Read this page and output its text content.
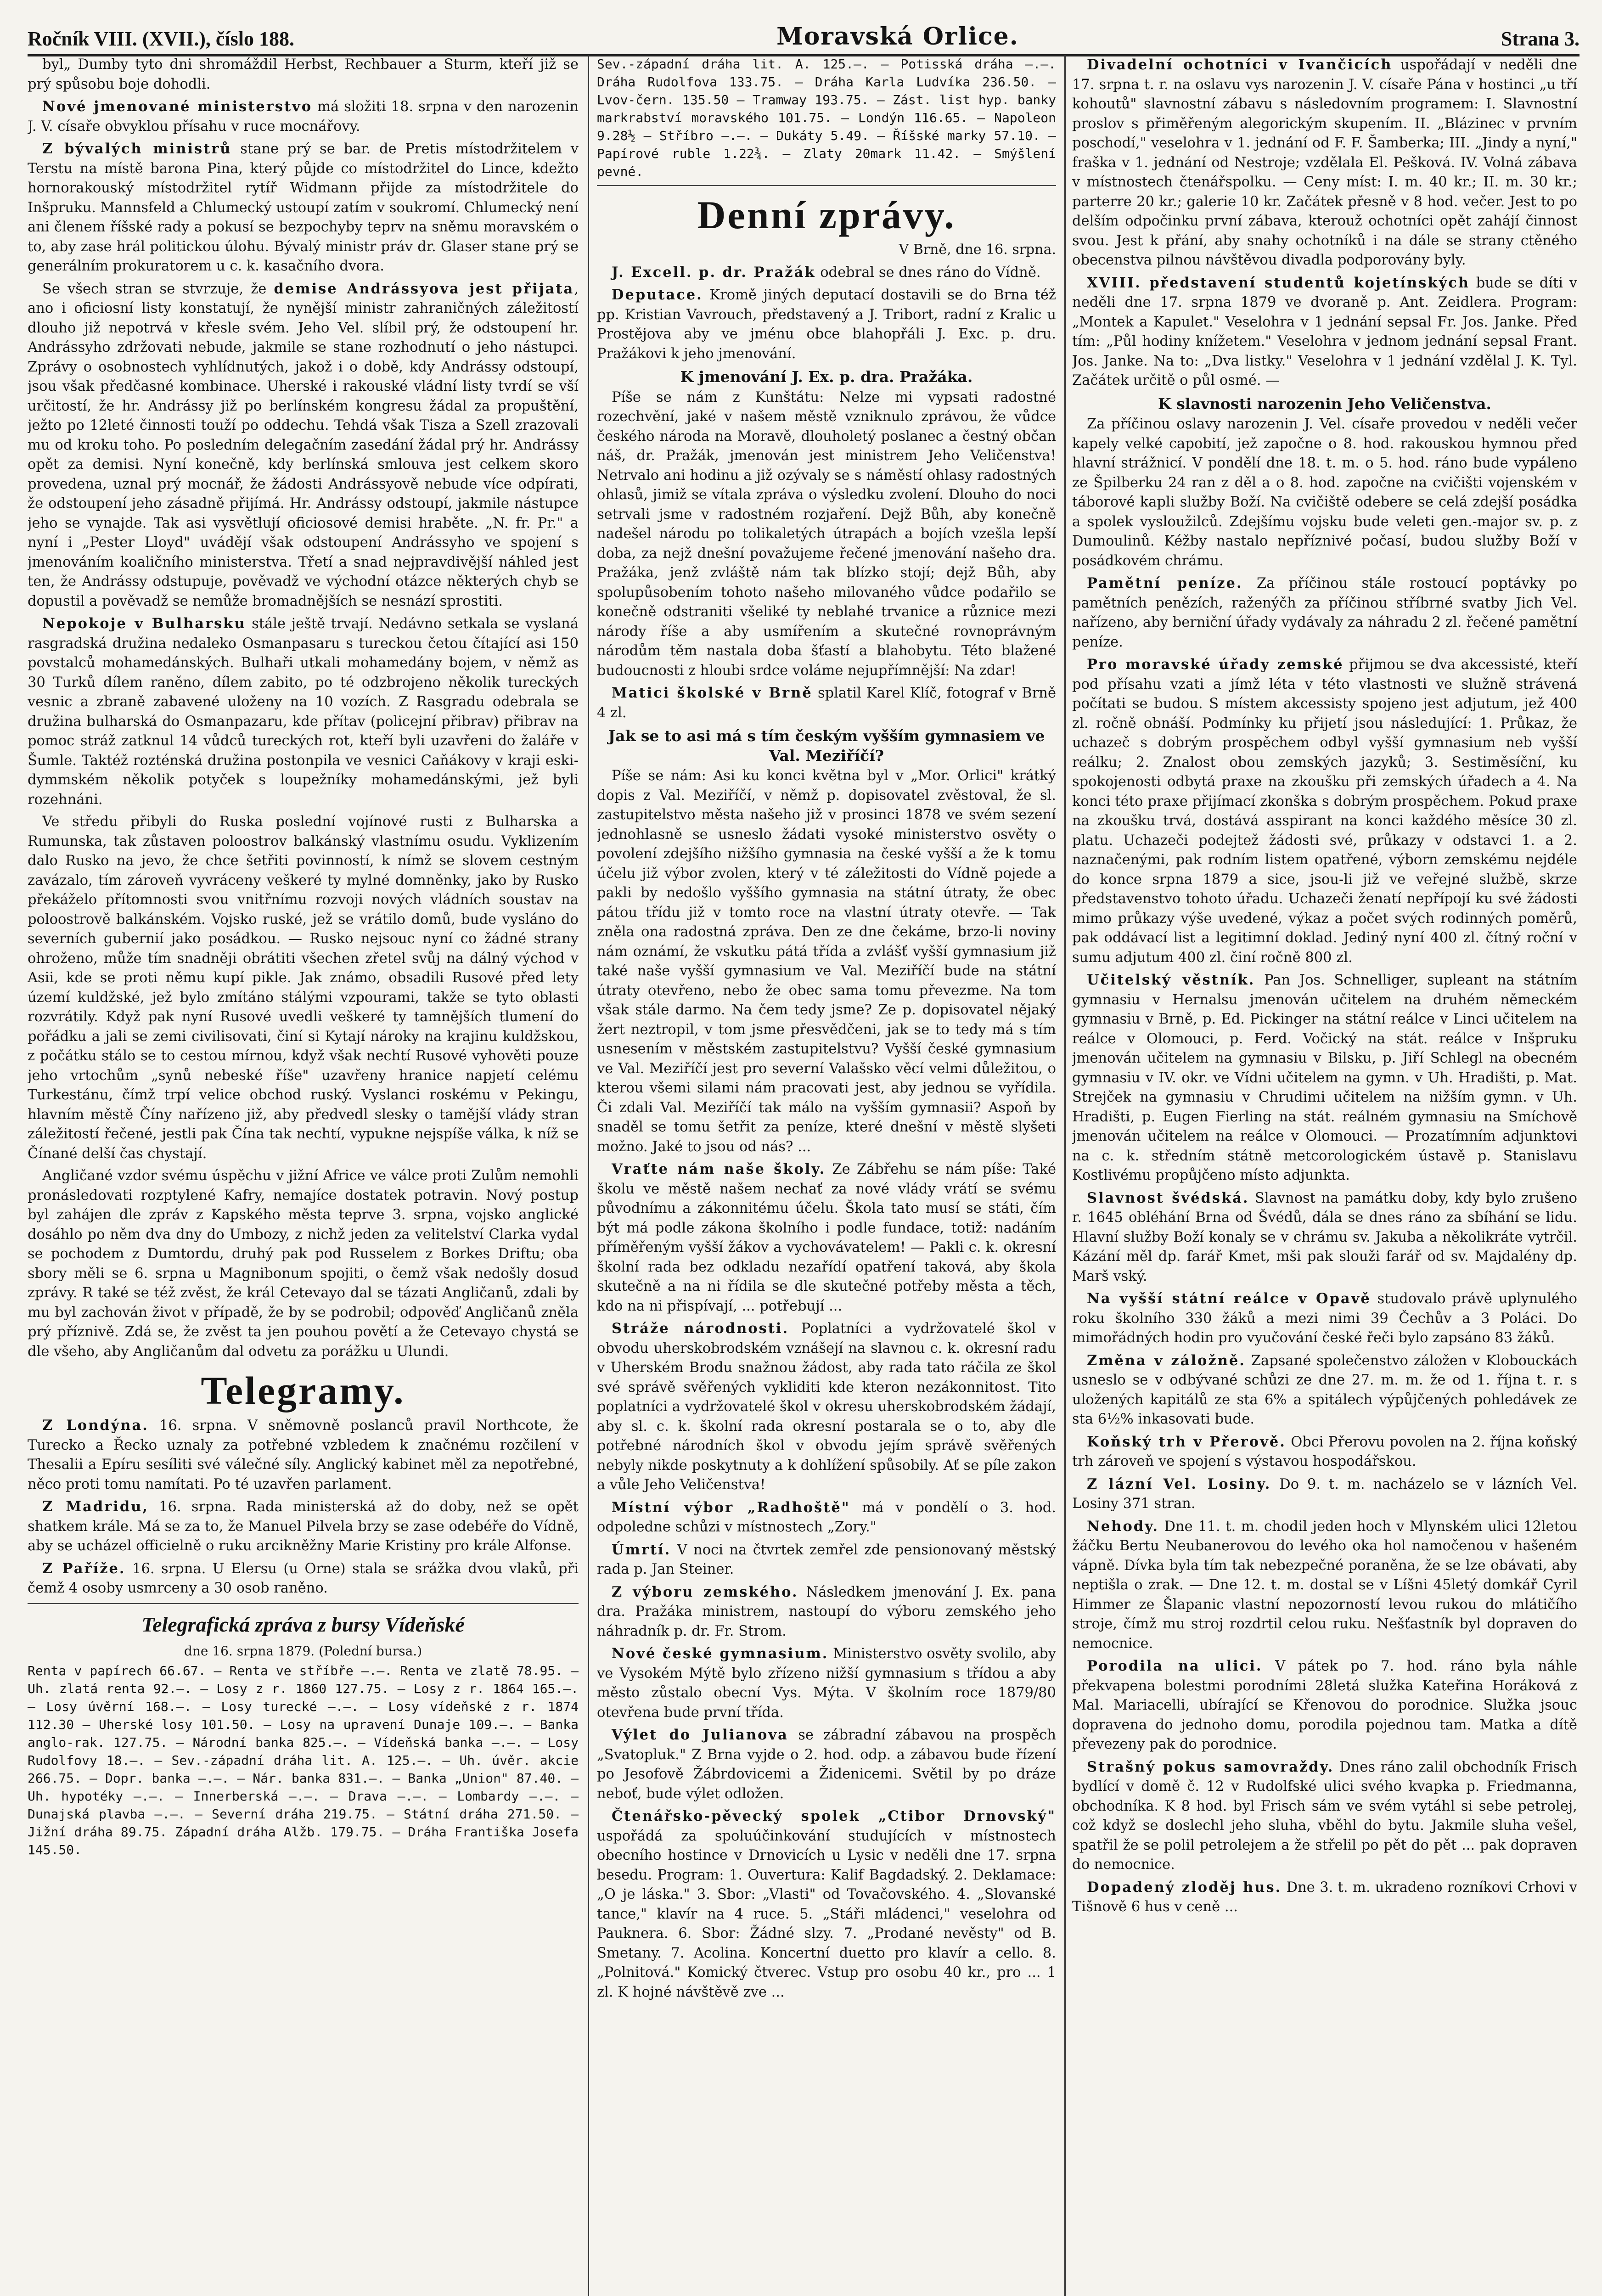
Ročník VIII. (XVII.), číslo 188.	Moravská Orlice.	Strana 3.

byl„ Dumby tyto dni shromáždil Herbst, Rechbauer a Sturm, kteří již se prý spůsobu boje dohodli.

Nové jmenované ministerstvo má složiti 18. srpna v den narozenin J. V. císaře obvyklou přísahu v ruce mocnářovy.

Z bývalých ministrů stane prý se bar. de Pretis místodržitelem v Terstu na místě barona Pina, který půjde co místodržitel do Lince, kdežto hornorakouský místodržitel rytíř Widmann přijde za místodržitele do Inšpruku. Mannsfeld a Chlumecký ustoupí zatím v soukromí. Chlumecký není ani členem říšské rady a pokusí se bezpochyby teprv na sněmu moravském o to, aby zase hrál politickou úlohu. Bývalý ministr práv dr. Glaser stane prý se generálním prokuratorem u c. k. kasačního dvora.

Se všech stran se stvrzuje, že demise Andrássyova jest přijata, ano i oficiosní listy konstatují, že nynější ministr zahraničných záležitostí dlouho již nepotrvá v křesle svém. Jeho Vel. slíbil prý, že odstoupení hr. Andrássyho zdržovati nebude, jakmile se stane rozhodnutí o jeho nástupci. Zprávy o osobnostech vyhlídnutých, jakož i o době, kdy Andrássy odstoupí, jsou však předčasné kombinace. Uherské i rakouské vládní listy tvrdí se vší určitostí, že hr. Andrássy již po berlínském kongresu žádal za propuštění, ježto po 12leté činnosti touží po oddechu. Tehdá však Tisza a Szell zrazovali mu od kroku toho. Po posledním delegačním zasedání žádal prý hr. Andrássy opět za demisi. Nyní konečně, kdy berlínská smlouva jest celkem skoro provedena, uznal prý mocnář, že žádosti Andrássyově nebude více odpírati, že odstoupení jeho zásadně přijímá. Hr. Andrássy odstoupí, jakmile nástupce jeho se vynajde. Tak asi vysvětlují oficiosové demisi hraběte. „N. fr. Pr." a nyní i „Pester Lloyd" uvádějí však odstoupení Andrássyho ve spojení s jmenováním koaličního ministerstva. Třetí a snad nejpravdivější náhled jest ten, že Andrássy odstupuje, pověvadž ve východní otázce některých chyb se dopustil a pověvadž se nemůže bromadnějších se nesnází sprostiti.

Nepokoje v Bulharsku stále ještě trvají. Nedávno setkala se vyslaná rasgradská družina nedaleko Osmanpasaru s tureckou četou čítající asi 150 povstalců mohamedánských. Bulhaři utkali mohamedány bojem, v němž as 30 Turků dílem raněno, dílem zabito, po té odzbrojeno několik tureckých vesnic a zbraně zabavené uloženy na 10 vozích. Z Rasgradu odebrala se družina bulharská do Osmanpazaru, kde přítav (policejní přibrav) přibrav na pomoc stráž zatknul 14 vůdců tureckých rot, kteří byli uzavřeni do žaláře v Šumle. Taktéž rozténská družina postonpila ve vesnici Caňákovy v kraji eski-dymmském několik potyček s loupežníky mohamedánskými, jež byli rozehnáni.

Ve středu přibyli do Ruska poslední vojínové rusti z Bulharska a Rumunska, tak zůstaven poloostrov balkánský vlastnímu osudu. Vyklizením dalo Rusko na jevo, že chce šetřiti povinností, k nímž se slovem cestným zavázalo, tím zároveň vyvráceny veškeré ty mylné domněnky, jako by Rusko překáželo přítomnosti svou vnitřnímu rozvoji nových vládních soustav na poloostrově balkánském. Vojsko ruské, jež se vrátilo domů, bude vysláno do severních gubernií jako posádkou. — Rusko nejsouc nyní co žádné strany ohroženo, může tím snadněji obrátiti všechen zřetel svůj na dálný východ v Asii, kde se proti němu kupí pikle. Jak známo, obsadili Rusové před lety území kuldžské, jež bylo zmítáno stálými vzpourami, takže se tyto oblasti rozvrátily. Když pak nyní Rusové uvedli veškeré ty tamnějších tlumení do pořádku a jali se zemi civilisovati, činí si Kytají nároky na krajinu kuldžskou, z počátku stálo se to cestou mírnou, když však nechtí Rusové vyhověti pouze jeho vrtochům „synů nebeské říše" uzavřeny hranice napjetí celému Turkestánu, čímž trpí velice obchod ruský. Vyslanci roskému v Pekingu, hlavním městě Číny nařízeno již, aby předvedl slesky o tamější vlády stran záležitostí řečené, jestli pak Čína tak nechtí, vypukne nejspíše válka, k níž se Čínané delší čas chystají.

Angličané vzdor svému úspěchu v jižní Africe ve válce proti Zulům nemohli pronásledovati rozptylené Kafry, nemajíce dostatek potravin. Nový postup byl zahájen dle zpráv z Kapského města teprve 3. srpna, vojsko anglické dosáhlo po něm dva dny do Umbozy, z nichž jeden za velitelství Clarka vydal se pochodem z Dumtordu, druhý pak pod Russelem z Borkes Driftu; oba sbory měli se 6. srpna u Magnibonum spojiti, o čemž však nedošly dosud zprávy. R také se též zvěst, že král Cetevayo dal se tázati Angličanů, zdali by mu byl zachován život v případě, že by se podrobil; odpověď Angličanů zněla prý příznivě. Zdá se, že zvěst ta jen pouhou povětí a že Cetevayo chystá se dle všeho, aby Angličanům dal odvetu za porážku u Ulundi.

Telegramy.

Z Londýna. 16. srpna. V sněmovně poslanců pravil Northcote, že Turecko a Řecko uznaly za potřebné vzbledem k značnému rozčilení v Thesalii a Epíru sesíliti své válečné síly. Anglický kabinet měl za nepotřebné, něco proti tomu namítati. Po té uzavřen parlament.

Z Madridu, 16. srpna. Rada ministerská až do doby, než se opět shatkem krále. Má se za to, že Manuel Pilvela brzy se zase odebéře do Vídně, aby se ucházel officielně o ruku arcikněžny Marie Kristiny pro krále Alfonse.

Z Paříže. 16. srpna. U Elersu (u Orne) stala se srážka dvou vlaků, při čemž 4 osoby usmrceny a 30 osob raněno.

Telegrafická zpráva z bursy Vídeňské
dne 16. srpna 1879. (Polední bursa.)
Renta v papírech 66.67. — Renta ve stříbře —.—. Renta ve zlatě 78.95. — Uh. zlatá renta 92.—. — Losy z r. 1860 127.75. — Losy z r. 1864 165.—. — Losy úvěrní 168.—. — Losy turecké —.—. — Losy vídeňské z r. 1874 112.30 — Uherské losy 101.50. — Losy na upravení Dunaje 109.—. — Banka anglo-rak. 127.75. — Národní banka 825.—. — Vídeňská banka —.—. — Losy Rudolfovy 18.—. — Sev.-západní dráha lit. A. 125.—. — Uh. úvěr. akcie 266.75. — Dopr. banka —.—. — Nár. banka 831.—. — Banka „Union" 87.40. — Uh. hypotéky —.—. — Innerberská —.—. — Drava —.—. — Lombardy —.—. — Dunajská plavba —.—. — Severní dráha 219.75. — Státní dráha 271.50. — Jižní dráha 89.75. Západní dráha Alžb. 179.75. — Dráha Františka Josefa 145.50.
Sev.-západní dráha lit. A. 125.—. — Potisská dráha —.—. Dráha Rudolfova 133.75. — Dráha Karla Ludvíka 236.50. — Lvov-čern. 135.50 — Tramway 193.75. — Zást. list hyp. banky markrabství moravského 101.75. — Londýn 116.65. — Napoleon 9.28½ — Stříbro —.—. — Dukáty 5.49. — Říšské marky 57.10. — Papírové ruble 1.22¾. — Zlaty 20mark 11.42. — Smýšlení pevné.
Denní zprávy.
V Brně, dne 16. srpna.

J. Excell. p. dr. Pražák odebral se dnes ráno do Vídně.

Deputace. Kromě jiných deputací dostavili se do Brna též pp. Kristian Vavrouch, představený a J. Tribort, radní z Kralic u Prostějova aby ve jménu obce blahopřáli J. Exc. p. dru. Pražákovi k jeho jmenování.

K jmenování J. Ex. p. dra. Pražáka.

Píše se nám z Kunštátu: Nelze mi vypsati radostné rozechvění, jaké v našem městě vzniknulo zprávou, že vůdce českého národa na Moravě, dlouholetý poslanec a čestný občan náš, dr. Pražák, jmenován jest ministrem Jeho Veličenstva! Netrvalo ani hodinu a již ozývaly se s náměstí ohlasy radostných ohlasů, jimiž se vítala zpráva o výsledku zvolení. Dlouho do noci setrvali jsme v radostném rozjaření. Dejž Bůh, aby konečně nadešel národu po tolikaletých útrapách a bojích vzešla lepší doba, za nejž dnešní považujeme řečené jmenování našeho dra. Pražáka, jenž zvláště nám tak blízko stojí; dejž Bůh, aby spolupůsobením tohoto našeho milovaného vůdce podařilo se konečně odstraniti všeliké ty neblahé trvanice a různice mezi národy říše a aby usmířením a skutečné rovnoprávným národům těm nastala doba šťastí a blahobytu. Této blažené budoucnosti z hloubi srdce voláme nejupřímnější: Na zdar!

Matici školské v Brně splatil Karel Klíč, fotograf v Brně 4 zl.

Jak se to asi má s tím českým vyšším gymnasiem ve Val. Meziříčí?

Píše se nám: Asi ku konci května byl v „Mor. Orlici" krátký dopis z Val. Meziříčí, v němž p. dopisovatel zvěstoval, že sl. zastupitelstvo města našeho již v prosinci 1878 ve svém sezení jednohlasně se usneslo žádati vysoké ministerstvo osvěty o povolení zdejšího nižšího gymnasia na české vyšší a že k tomu účelu již výbor zvolen, který v té záležitosti do Vídně pojede a pakli by nedošlo vyššího gymnasia na státní útraty, že obec pátou třídu již v tomto roce na vlastní útraty otevře. — Tak zněla ona radostná zpráva. Den ze dne čekáme, brzo-li noviny nám oznámí, že vskutku pátá třída a zvlášť vyšší gymnasium již také naše vyšší gymnasium ve Val. Meziříčí bude na státní útraty otevřeno, nebo že obec sama tomu převezme. Na tom však stále darmo. Na čem tedy jsme? Ze p. dopisovatel nějaký žert neztropil, v tom jsme přesvědčeni, jak se to tedy má s tím usnesením v městském zastupitelstvu? Vyšší české gymnasium ve Val. Meziříčí jest pro severní Valašsko věcí velmi důležitou, o kterou všemi silami nám pracovati jest, aby jednou se vyřídila. Či zdali Val. Meziříčí tak málo na vyšším gymnasii? Aspoň by snaděl se tomu šetřit za peníze, které dnešní v městě slyšeti možno. Jaké to jsou od nás? ...

Vraťte nám naše školy. Ze Zábřehu se nám píše: Také školu ve městě našem nechať za nové vlády vrátí se svému původnímu a zákonnitému účelu. Škola tato musí se státi, čím být má podle zákona školního i podle fundace, totiž: nadáním příměřeným vyšší žákov a vychovávatelem! — Pakli c. k. okresní školní rada bez odkladu nezařídí opatření taková, aby škola skutečně a na ni řídila se dle skutečné potřeby města a těch, kdo na ni přispívají, ... potřebují ...

Stráže národnosti. Poplatníci a vydržovatelé škol v obvodu uherskobrodském vznášejí na slavnou c. k. okresní radu v Uherském Brodu snažnou žádost, aby rada tato ráčila ze škol své správě svěřených vykliditi kde kteron nezákonnitost. Tito poplatníci a vydržovatelé škol v okresu uherskobrodském žádají, aby sl. c. k. školní rada okresní postarala se o to, aby dle potřebné národních škol v obvodu jejím správě svěřených nebyly nikde poskytnuty a k dohlížení spůsobily. Ať se píle zakon a vůle Jeho Veličenstva!

Místní výbor „Radhoště" má v pondělí o 3. hod. odpoledne schůzi v místnostech „Zory."

Úmrtí. V noci na čtvrtek zemřel zde pensionovaný městský rada p. Jan Steiner.

Z výboru zemského. Následkem jmenování J. Ex. pana dra. Pražáka ministrem, nastoupí do výboru zemského jeho náhradník p. dr. Fr. Strom.

Nové české gymnasium. Ministerstvo osvěty svolilo, aby ve Vysokém Mýtě bylo zřízeno nižší gymnasium s třídou a aby město zůstalo obecní Vys. Mýta. V školním roce 1879/80 otevřena bude první třída.

Výlet do Julianova se zábradní zábavou na prospěch „Svatopluk." Z Brna vyjde o 2. hod. odp. a zábavou bude řízení po Jesofově Žábrdovicemi a Židenicemi. Světil by po dráze neboť, bude výlet odložen.

Čtenářsko-pěvecký spolek „Ctibor Drnovský" uspořádá za spoluúčinkování studujících v místnostech obecního hostince v Drnovicích u Lysic v neděli dne 17. srpna besedu. Program: 1. Ouvertura: Kalif Bagdadský. 2. Deklamace: „O je láska." 3. Sbor: „Vlasti" od Tovačovského. 4. „Slovanské tance," klavír na 4 ruce. 5. „Stáři mládenci," veselohra od Pauknera. 6. Sbor: Žádné slzy. 7. „Prodané nevěsty" od B. Smetany. 7. Acolina. Koncertní duetto pro klavír a cello. 8. „Polnitová." Komický čtverec. Vstup pro osobu 40 kr., pro ... 1 zl. K hojné návštěvě zve ...

Divadelní ochotníci v Ivančicích uspořádají v neděli dne 17. srpna t. r. na oslavu vys narozenin J. V. císaře Pána v hostinci „u tří kohoutů" slavnostní zábavu s následovním programem: I. Slavnostní proslov s přiměřeným alegorickým skupením. II. „Blázinec v prvním poschodí," veselohra v 1. jednání od F. F. Šamberka; III. „Jindy a nyní," fraška v 1. jednání od Nestroje; vzdělala El. Pešková. IV. Volná zábava v místnostech čtenářspolku. — Ceny míst: I. m. 40 kr.; II. m. 30 kr.; parterre 20 kr.; galerie 10 kr. Začátek přesně v 8 hod. večer. Jest to po delším odpočinku první zábava, kterouž ochotníci opět zahájí činnost svou. Jest k přání, aby snahy ochotníků i na dále se strany ctěného obecenstva pilnou návštěvou divadla podporovány byly.

XVIII. představení studentů kojetínských bude se díti v neděli dne 17. srpna 1879 ve dvoraně p. Ant. Zeidlera. Program: „Montek a Kapulet." Veselohra v 1 jednání sepsal Fr. Jos. Janke. Před tím: „Půl hodiny knížetem." Veselohra v jednom jednání sepsal Frant. Jos. Janke. Na to: „Dva listky." Veselohra v 1 jednání vzdělal J. K. Tyl. Začátek určitě o půl osmé. —

K slavnosti narozenin Jeho Veličenstva.

Za příčinou oslavy narozenin J. Vel. císaře provedou v neděli večer kapely velké capobití, jež započne o 8. hod. rakouskou hymnou před hlavní strážnicí. V pondělí dne 18. t. m. o 5. hod. ráno bude vypáleno ze Špilberku 24 ran z děl a o 8. hod. započne na cvičišti vojenském v táborové kapli služby Boží. Na cvičiště odebere se celá zdejší posádka a spolek vysloužilců. Zdejšímu vojsku bude veleti gen.-major sv. p. z Dumoulinů. Kéžby nastalo nepříznivé počasí, budou služby Boží v posádkovém chrámu.

Pamětní peníze. Za příčinou stále rostoucí poptávky po pamětních penězích, raženýčh za příčinou stříbrné svatby Jich Vel. nařízeno, aby berniční úřady vydávaly za náhradu 2 zl. řečené pamětní peníze.

Pro moravské úřady zemské přijmou se dva akcessisté, kteří pod přísahu vzati a jímž léta v této vlastnosti ve služně strávená počítati se budou. S místem akcessisty spojeno jest adjutum, jež 400 zl. ročně obnáší. Podmínky ku přijetí jsou následující: 1. Průkaz, že uchazeč s dobrým prospěchem odbyl vyšší gymnasium neb vyšší reálku; 2. Znalost obou zemských jazyků; 3. Sestiměsíční, ku spokojenosti odbytá praxe na zkoušku při zemských úřadech a 4. Na konci této praxe přijímací zkonška s dobrým prospěchem. Pokud praxe na zkoušku trvá, dostává asspirant na konci každého měsíce 30 zl. platu. Uchazeči podejtež žádosti své, průkazy v odstavci 1. a 2. naznačenými, pak rodním listem opatřené, výborn zemskému nejdéle do konce srpna 1879 a sice, jsou-li již ve veřejné službě, skrze představenstvo tohoto úřadu. Uchazeči ženatí nepřípojí ku své žádosti mimo průkazy výše uvedené, výkaz a počet svých rodinných poměrů, pak oddávací list a legitimní doklad. Jediný nyní 400 zl. čítný roční v sumu adjutum 400 zl. činí ročně 800 zl.

Učitelský věstník. Pan Jos. Schnelliger, supleant na státním gymnasiu v Hernalsu jmenován učitelem na druhém německém gymnasiu v Brně, p. Ed. Pickinger na státní reálce v Linci učitelem na reálce v Olomouci, p. Ferd. Vočický na stát. reálce v Inšpruku jmenován učitelem na gymnasiu v Bilsku, p. Jiří Schlegl na obecném gymnasiu v IV. okr. ve Vídni učitelem na gymn. v Uh. Hradišti, p. Mat. Strejček na gymnasiu v Chrudimi učitelem na nižším gymn. v Uh. Hradišti, p. Eugen Fierling na stát. reálném gymnasiu na Smíchově jmenován učitelem na reálce v Olomouci. — Prozatímním adjunktovi na c. k. středním státně metcorologickém ústavě p. Stanislavu Kostlivému propůjčeno místo adjunkta.

Slavnost švédská. Slavnost na památku doby, kdy bylo zrušeno r. 1645 obléhání Brna od Švédů, dála se dnes ráno za sbíhání se lidu. Hlavní služby Boží konaly se v chrámu sv. Jakuba a několikráte vytrčil. Kázání měl dp. farář Kmet, mši pak slouži farář od sv. Majdalény dp. Marš vský.

Na vyšší státní reálce v Opavě studovalo právě uplynulého roku školního 330 žáků a mezi nimi 39 Čechův a 3 Poláci. Do mimořádných hodin pro vyučování české řeči bylo zapsáno 83 žáků.

Změna v záložně. Zapsané společenstvo záložen v Klobouckách usneslo se v odbývané schůzi ze dne 27. m. m. že od 1. října t. r. s uložených kapitálů ze sta 6% a spitálech výpůjčených pohledávek ze sta 6½% inkasovati bude.

Koňský trh v Přerově. Obci Přerovu povolen na 2. října koňský trh zároveň ve spojení s výstavou hospodářskou.

Z lázní Vel. Losiny. Do 9. t. m. nacházelo se v lázních Vel. Losiny 371 stran.

Nehody. Dne 11. t. m. chodil jeden hoch v Mlynském ulici 12letou žáčku Bertu Neubanerovou do levého oka hol namočenou v hašeném vápně. Dívka byla tím tak nebezpečné poraněna, že se lze obávati, aby neptišla o zrak. — Dne 12. t. m. dostal se v Líšni 45letý domkář Cyril Himmer ze Šlapanic vlastní nepozorností levou rukou do mlátičího stroje, čímž mu stroj rozdrtil celou ruku. Nešťastník byl dopraven do nemocnice.

Porodila na ulici. V pátek po 7. hod. ráno byla náhle překvapena bolestmi porodními 28letá služka Kateřina Horáková z Mal. Mariacelli, ubírající se Křenovou do porodnice. Služka jsouc dopravena do jednoho domu, porodila pojednou tam. Matka a dítě převezeny pak do porodnice.

Strašný pokus samovraždy. Dnes ráno zalil obchodník Frisch bydlící v domě č. 12 v Rudolfské ulici svého kvapka p. Friedmanna, obchodníka. K 8 hod. byl Frisch sám ve svém vytáhl si sebe petrolej, což když se doslechl jeho sluha, vběhl do bytu. Jakmile sluha vešel, spatřil že se polil petrolejem a že střelil po pět do pět ... pak dopraven do nemocnice.

Dopadený zloděj hus. Dne 3. t. m. ukradeno rozníkovi Crhovi v Tišnově 6 hus v ceně ...
